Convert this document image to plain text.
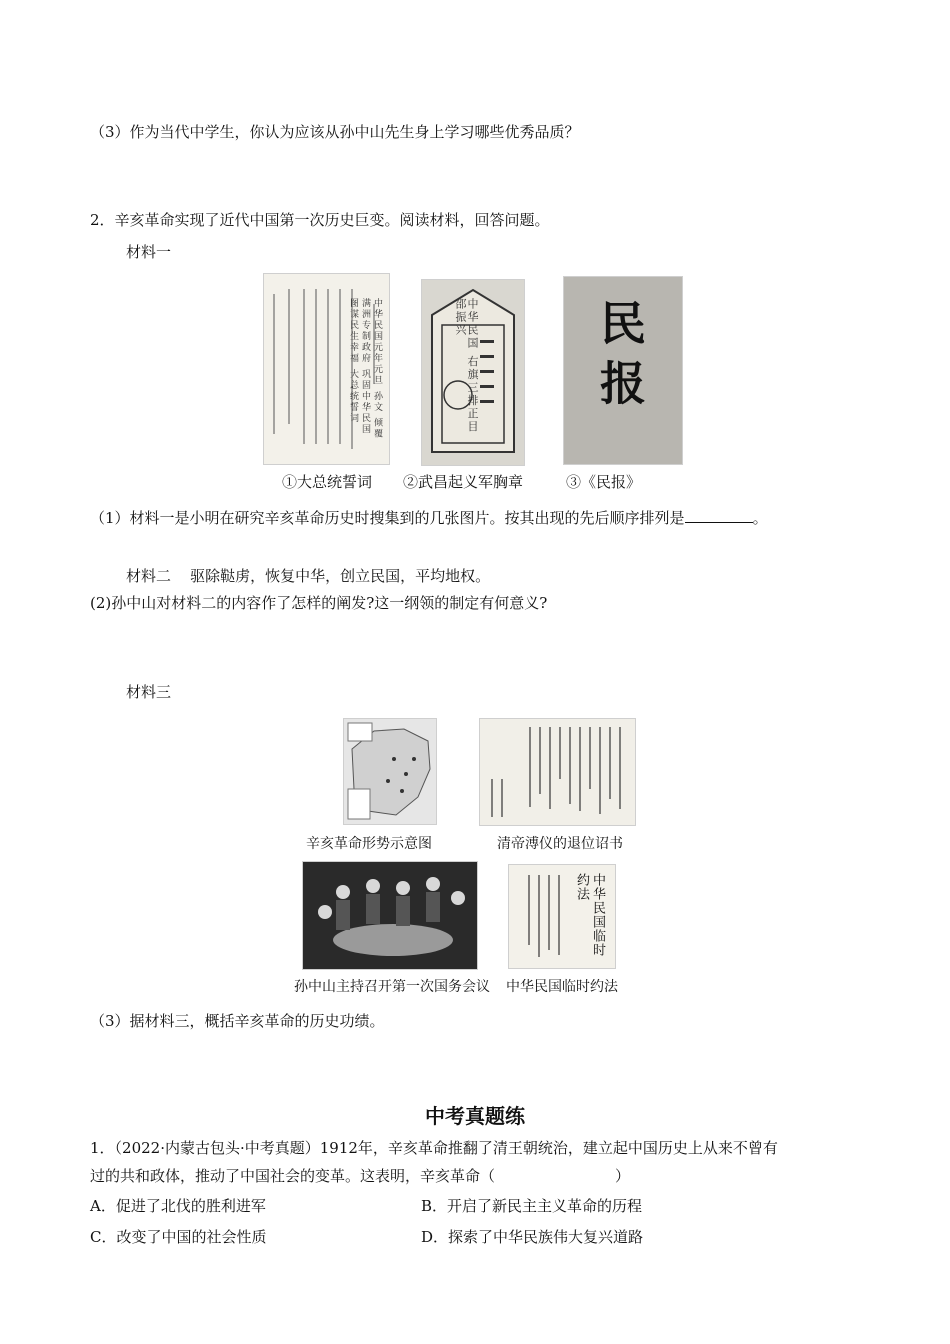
（3）作为当代中学生，你认为应该从孙中山先生身上学习哪些优秀品质？
2．辛亥革命实现了近代中国第一次历史巨变。阅读材料，回答问题。
材料一
中华民国元年元旦 孙文 倾覆满洲专制政府 巩固中华民国 图谋民生幸福 大总统誓词
①大总统誓词
中华民国 右旗三排正目 邵振兴
②武昌起义军胸章
民报
③《民报》
（1）材料一是小明在研究辛亥革命历史时搜集到的几张图片。按其出现的先后顺序排列是	。
材料二 驱除鞑虏，恢复中华，创立民国，平均地权。
(2)孙中山对材料二的内容作了怎样的阐发?这一纲领的制定有何意义?
材料三
辛亥革命形势示意图	清帝溥仪的退位诏书
孙中山主持召开第一次国务会议
中华民国临时约法
中华民国临时约法
（3）据材料三，概括辛亥革命的历史功绩。
中考真题练
1．（2022·内蒙古包头·中考真题）1912年，辛亥革命推翻了清王朝统治，建立起中国历史上从来不曾有
过的共和政体，推动了中国社会的变革。这表明，辛亥革命（	）
A．促进了北伐的胜利进军	B．开启了新民主主义革命的历程
C．改变了中国的社会性质	D．探索了中华民族伟大复兴道路
